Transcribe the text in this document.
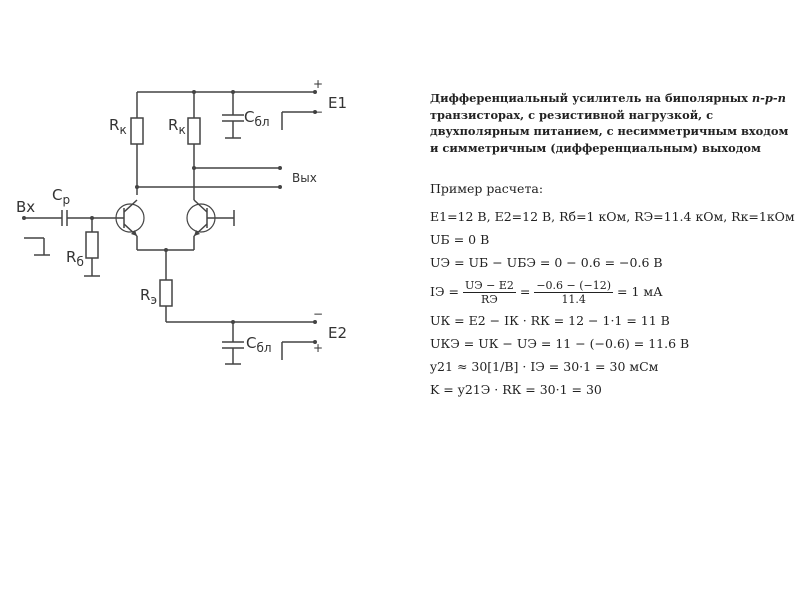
+
− E1
$R_к$	$R_к$
$C_{бл}$
Вых
$R_э$
−
+
E2
$C_{бл}$
Вх
$C_р$
$R_б$

Дифференциальный усилитель на биполярных n-p-n транзисторах, с резистивной нагрузкой, с двухполярным питанием, с несимметричным входом и симметричным (дифференциальным) выходом

Пример расчета:
E1=12 В, E2=12 В, Rб=1 кОм, RЭ=11.4 кОм, Rк=1кОм
UБ = 0 В
UЭ = UБ − UБЭ = 0 − 0.6 = −0.6 В
IЭ = $\frac{UЭ - E2}{RЭ} = \frac{-0.6 - (-12)}{11.4} = 1$ мА
UК = E2 − IК · RК = 12 − 1·1 = 11 В
UКЭ = UК − UЭ = 11 − (−0.6) = 11.6 В
y21 ≈ 30[1/В] · IЭ = 30·1 = 30 мСм
K = y21Э · RК = 30·1 = 30
